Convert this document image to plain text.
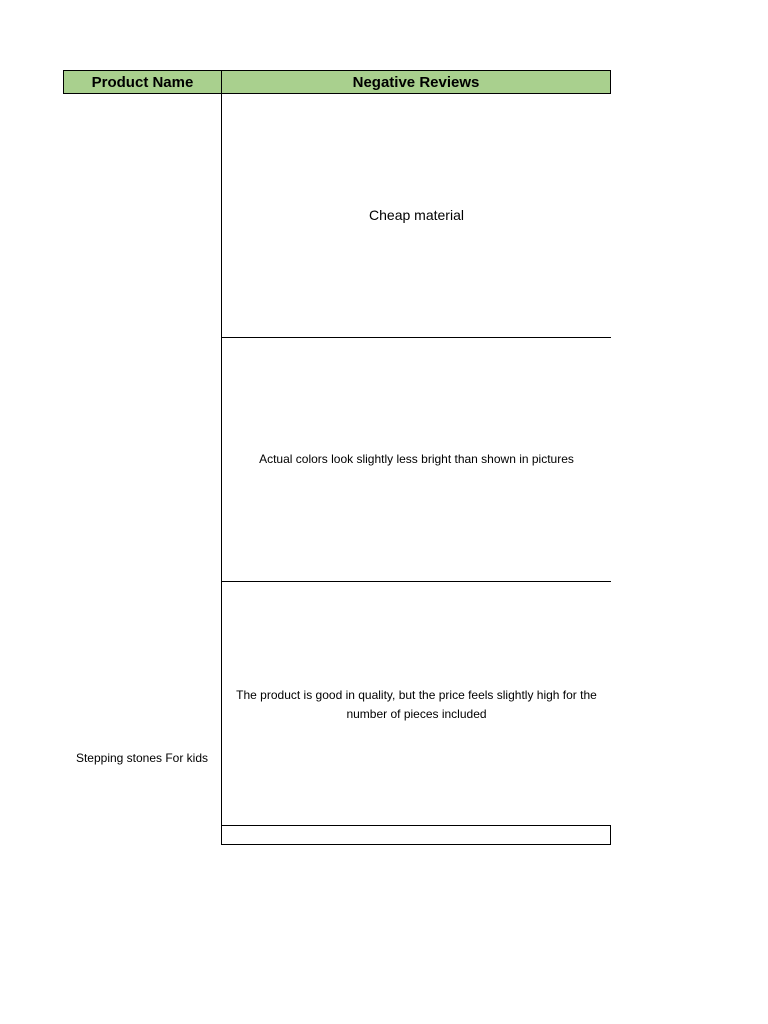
Product Name	Negative Reviews
Stepping stones For kids
Cheap material
Actual colors look slightly less bright than shown in pictures
The product is good in quality, but the price feels slightly high for the number of pieces included
